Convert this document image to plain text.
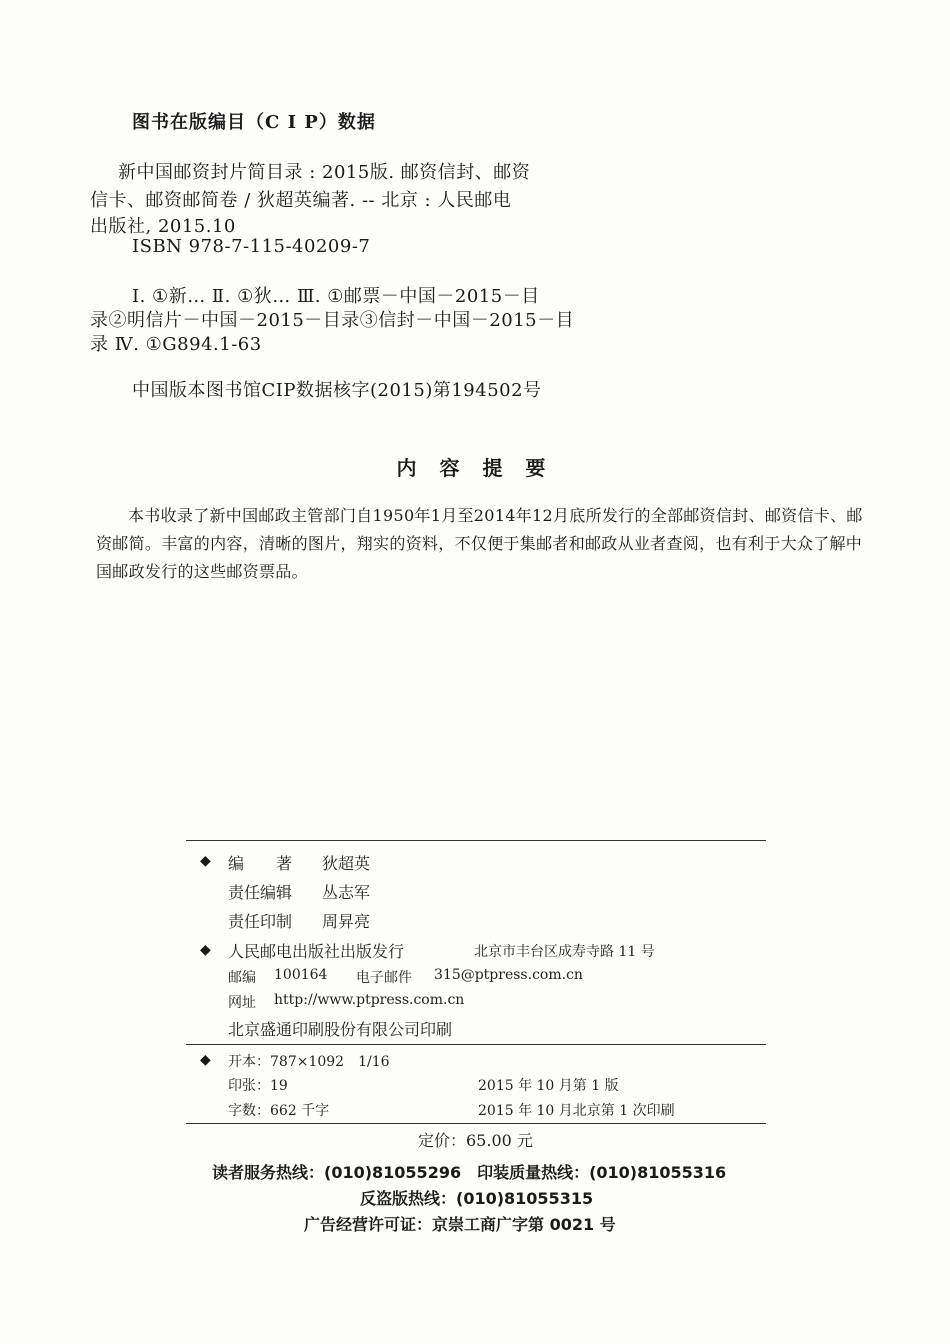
图书在版编目（C I P）数据
新中国邮资封片简目录 : 2015版. 邮资信封、邮资
信卡、邮资邮简卷 / 狄超英编著. -- 北京 : 人民邮电
出版社, 2015.10
ISBN 978-7-115-40209-7
Ⅰ. ①新… Ⅱ. ①狄… Ⅲ. ①邮票－中国－2015－目
录②明信片－中国－2015－目录③信封－中国－2015－目
录 Ⅳ. ①G894.1-63
中国版本图书馆CIP数据核字(2015)第194502号
内 容 提 要
本书收录了新中国邮政主管部门自1950年1月至2014年12月底所发行的全部邮资信封、邮资信卡、邮资邮简。丰富的内容，清晰的图片，翔实的资料，不仅便于集邮者和邮政从业者查阅，也有利于大众了解中国邮政发行的这些邮资票品。
◆ 编　　著 狄超英
责任编辑 丛志军
责任印制 周昇亮
◆ 人民邮电出版社出版发行	北京市丰台区成寿寺路 11 号
邮编 100164 电子邮件 315@ptpress.com.cn
网址 http://www.ptpress.com.cn
北京盛通印刷股份有限公司印刷
◆ 开本：787×1092　1/16
印张：19	2015 年 10 月第 1 版
字数：662 千字	2015 年 10 月北京第 1 次印刷
定价：65.00 元
读者服务热线：(010)81055296　印装质量热线：(010)81055316
反盗版热线：(010)81055315
广告经营许可证：京崇工商广字第 0021 号
